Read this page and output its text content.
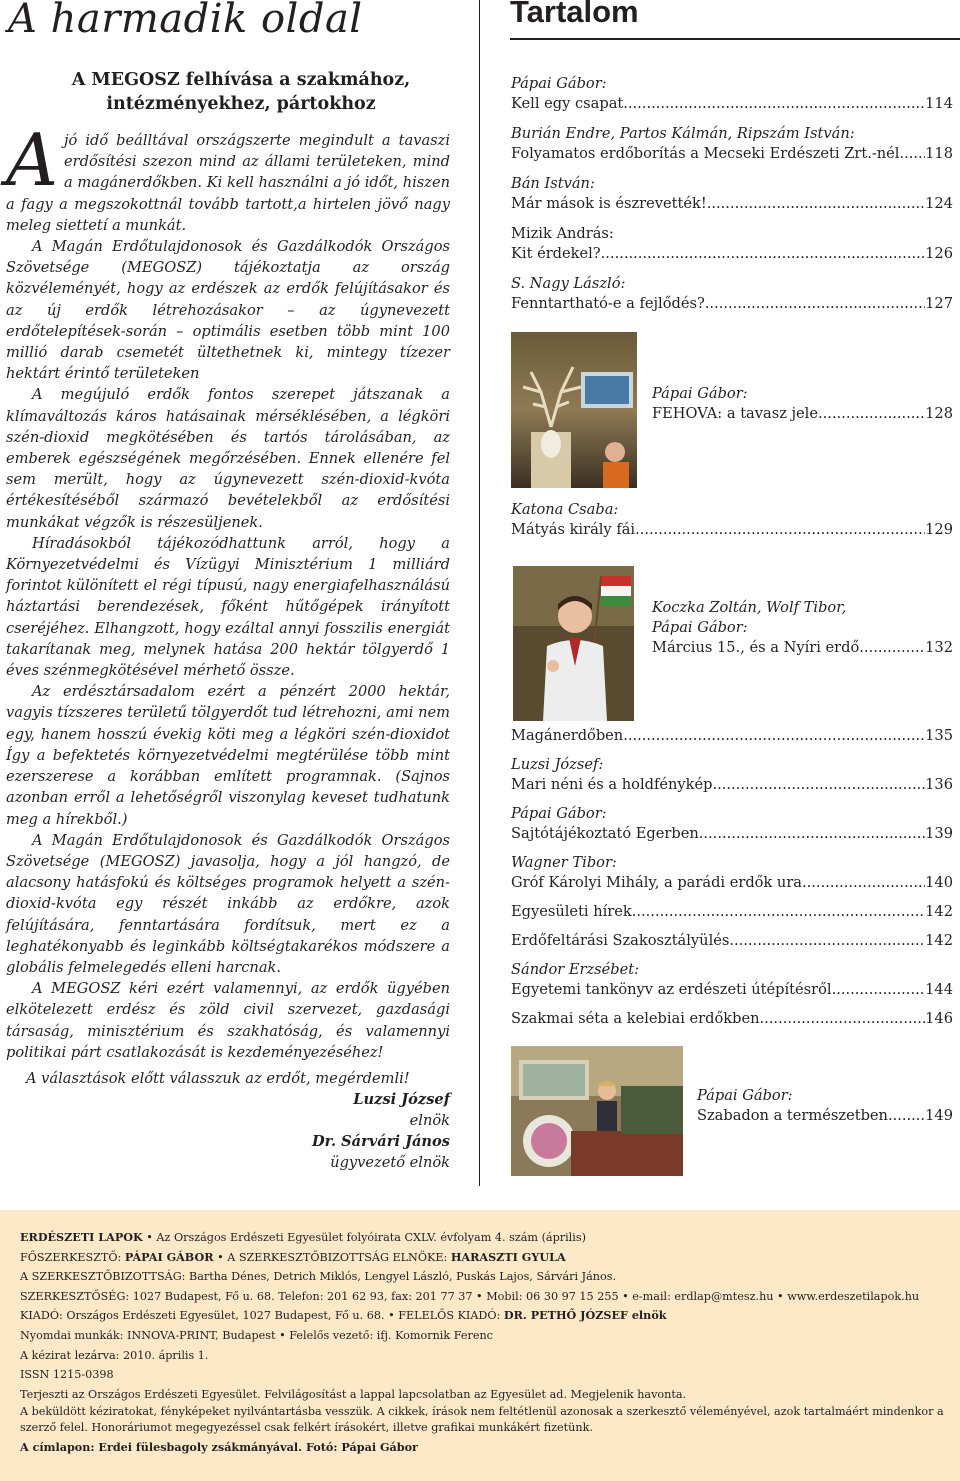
A harmadik oldal

A MEGOSZ felhívása a szakmához,

intézményekhez, pártokhoz

A jó idő beálltával országszerte megindult a tavaszi erdősítési szezon mind az állami területeken, mind a magánerdőkben. Ki kell használni a jó időt, hiszen a fagy a megszokottnál tovább tartott,a hirtelen jövő nagy meleg siettetí a munkát.

A Magán Erdőtulajdonosok és Gazdálkodók Országos Szövetsége (MEGOSZ) tájékoztatja az ország közvéleményét, hogy az erdészek az erdők felújításakor és az új erdők létrehozásakor – az úgynevezett erdőtelepítések-során – optimális esetben több mint 100 millió darab csemetét ültethetnek ki, mintegy tízezer hektárt érintő területeken

A megújuló erdők fontos szerepet játszanak a klímaváltozás káros hatásainak mérséklésében, a légköri szén-dioxid megkötésében és tartós tárolásában, az emberek egészségének megőrzésében. Ennek ellenére fel sem merült, hogy az úgynevezett szén-dioxid-kvóta értékesítéséből származó bevételekből az erdősítési munkákat végzők is részesüljenek.

Híradásokból tájékozódhattunk arról, hogy a Környezetvédelmi és Vízügyi Minisztérium 1 milliárd forintot különített el régi típusú, nagy energiafelhasználású háztartási berendezések, főként hűtőgépek irányított cseréjéhez. Elhangzott, hogy ezáltal annyi fosszilis energiát takarítanak meg, melynek hatása 200 hektár tölgyerdő 1 éves szénmegkötésével mérhető össze.

Az erdésztársadalom ezért a pénzért 2000 hektár, vagyis tízszeres területű tölgyerdőt tud létrehozni, ami nem egy, hanem hosszú évekig köti meg a légköri szén-dioxidot Így a befektetés környezetvédelmi megtérülése több mint ezerszerese a korábban említett programnak. (Sajnos azonban erről a lehetőségről viszonylag keveset tudhatunk meg a hírekből.)

A Magán Erdőtulajdonosok és Gazdálkodók Országos Szövetsége (MEGOSZ) javasolja, hogy a jól hangzó, de alacsony hatásfokú és költséges programok helyett a szén-dioxid-kvóta egy részét inkább az erdőkre, azok felújítására, fenntartására fordítsuk, mert ez a leghatékonyabb és leginkább költségtakarékos módszere a globális felmelegedés elleni harcnak.

A MEGOSZ kéri ezért valamennyi, az erdők ügyében elkötelezett erdész és zöld civil szervezet, gazdasági társaság, minisztérium és szakhatóság, és valamennyi politikai párt csatlakozását is kezdeményezéséhez!

A választások előtt válasszuk az erdőt, megérdemli!
Luzsi József
elnök
Dr. Sárvári János
ügyvezető elnök
Tartalom
Pápai Gábor:
Kell egy csapat .....	114
Burián Endre, Partos Kálmán, Ripszám István:
Folyamatos erdőborítás a Mecseki Erdészeti Zrt.-nél ..... 118
Bán István:
Már mások is észrevették! .....	124
Mizik András:
Kit érdekel?... .....	126
S. Nagy László:
Fenntartható-e a fejlődés? .....	127
Pápai Gábor:
FEHOVA: a tavasz jele .....	128
Katona Csaba:
Mátyás király fái .....	129
Koczka Zoltán, Wolf Tibor,
Pápai Gábor:
Március 15., és a Nyíri erdő .....	132
Magánerdőben .....	135
Luzsi József:
Mari néni és a holdfénykép .....	136
Pápai Gábor:
Sajtótájékoztató Egerben .....	139
Wagner Tibor:
Gróf Károlyi Mihály, a parádi erdők ura .....	140
Egyesületi hírek .....	142
Erdőfeltárási Szakosztályülés .....	142
Sándor Erzsébet:
Egyetemi tankönyv az erdészeti útépítésről .....	144
Szakmai séta a kelebiai erdőkben .....	146
Pápai Gábor:
Szabadon a természetben .....	149
ERDÉSZETI LAPOK • Az Országos Erdészeti Egyesület folyóirata CXLV. évfolyam 4. szám (április)
FŐSZERKESZTŐ: PÁPAI GÁBOR • A SZERKESZTŐBIZOTTSÁG ELNÖKE: HARASZTI GYULA
A SZERKESZTŐBIZOTTSÁG: Bartha Dénes, Detrich Miklós, Lengyel László, Puskás Lajos, Sárvári János.
SZERKESZTŐSÉG: 1027 Budapest, Fő u. 68. Telefon: 201 62 93, fax: 201 77 37 • Mobil: 06 30 97 15 255 • e-mail: erdlap@mtesz.hu • www.erdeszetilapok.hu
KIADÓ: Országos Erdészeti Egyesület, 1027 Budapest, Fő u. 68. • FELELŐS KIADÓ: DR. PETHŐ JÓZSEF elnök
Nyomdai munkák: INNOVA-PRINT, Budapest • Felelős vezető: ifj. Komornik Ferenc
A kézirat lezárva: 2010. április 1.
ISSN 1215-0398
Terjeszti az Országos Erdészeti Egyesület. Felvilágosítást a lappal lapcsolatban az Egyesület ad. Megjelenik havonta.
A beküldött kéziratokat, fényképeket nyilvántartásba vesszük. A cikkek, írások nem feltétlenül azonosak a szerkesztő véleményével, azok tartalmáért mindenkor a szerző felel. Honoráriumot megegyezéssel csak felkért írásokért, illetve grafikai munkákért fizetünk.
A címlapon: Erdei fülesbagoly zsákmányával. Fotó: Pápai Gábor
